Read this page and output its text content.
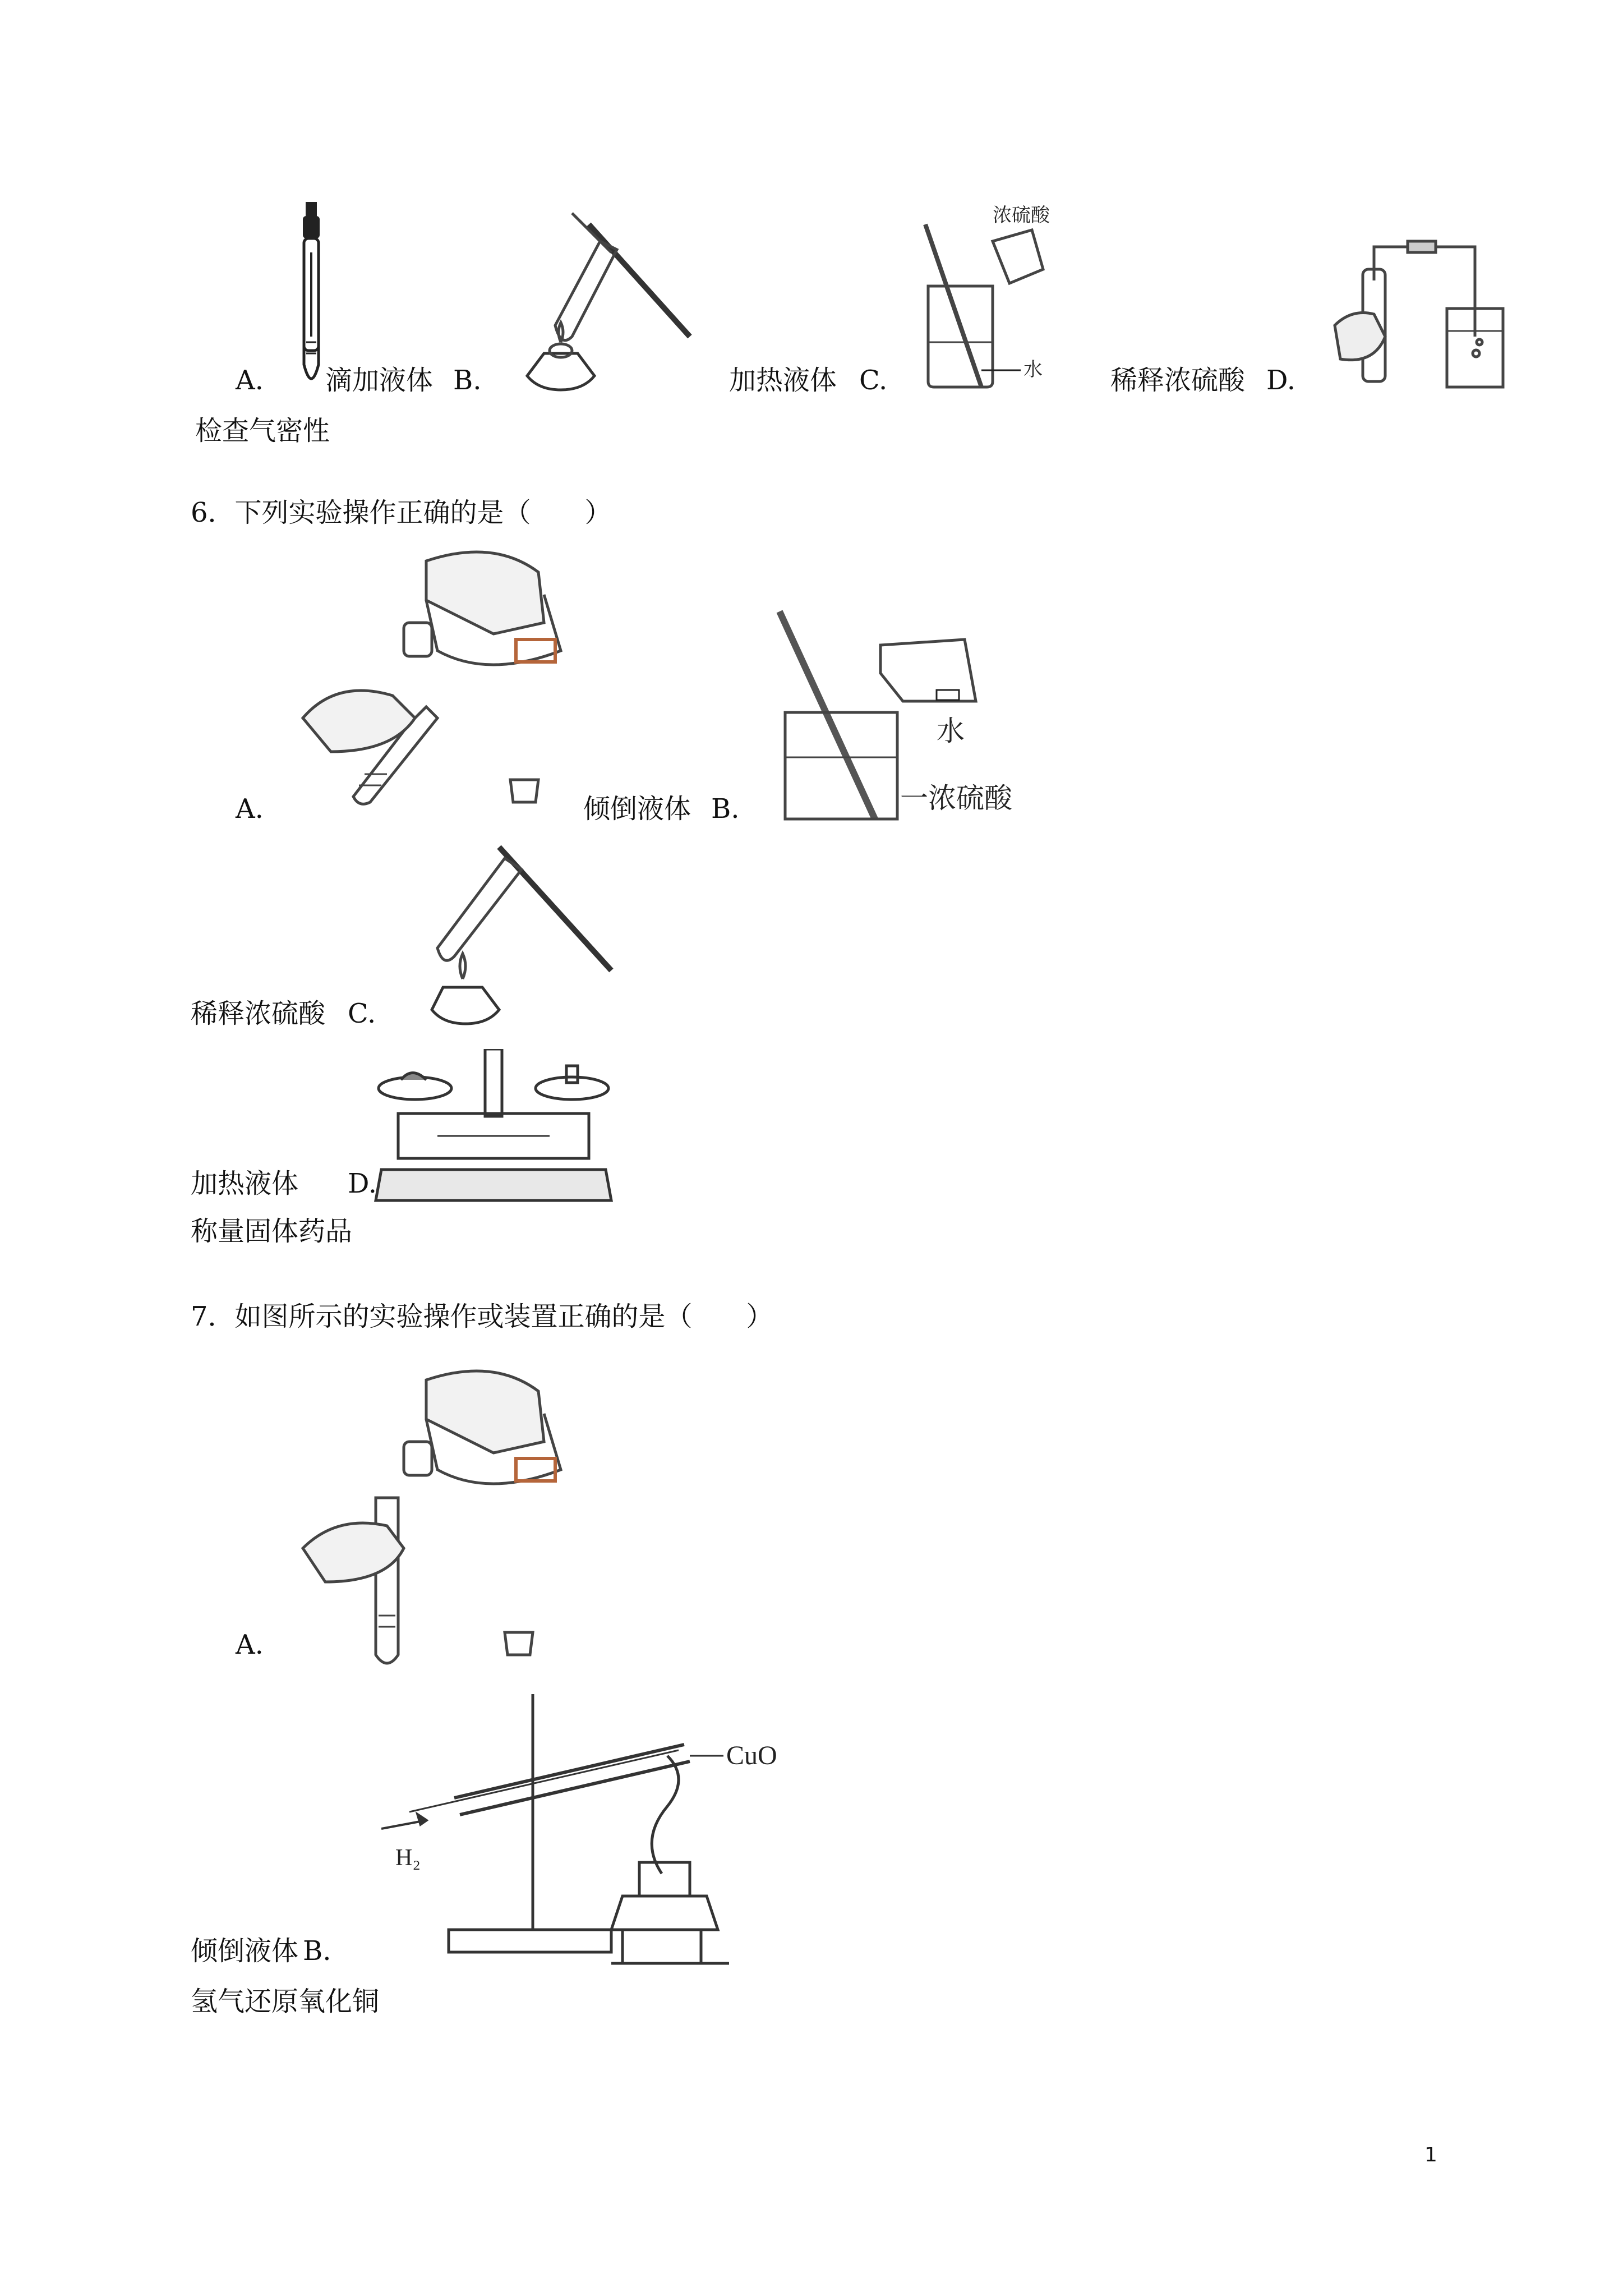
A. 滴加液体 B.	加热液体 C.
浓硫酸
水	稀释浓硫酸 D.
检查气密性
6．下列实验操作正确的是（　　）
A.	倾倒液体 B.
水
一浓硫酸
稀释浓硫酸 C.
加热液体 D.
称量固体药品
7．如图所示的实验操作或装置正确的是（　　）
A.
CuO
H₂
倾倒液体 B.
氢气还原氧化铜
1
